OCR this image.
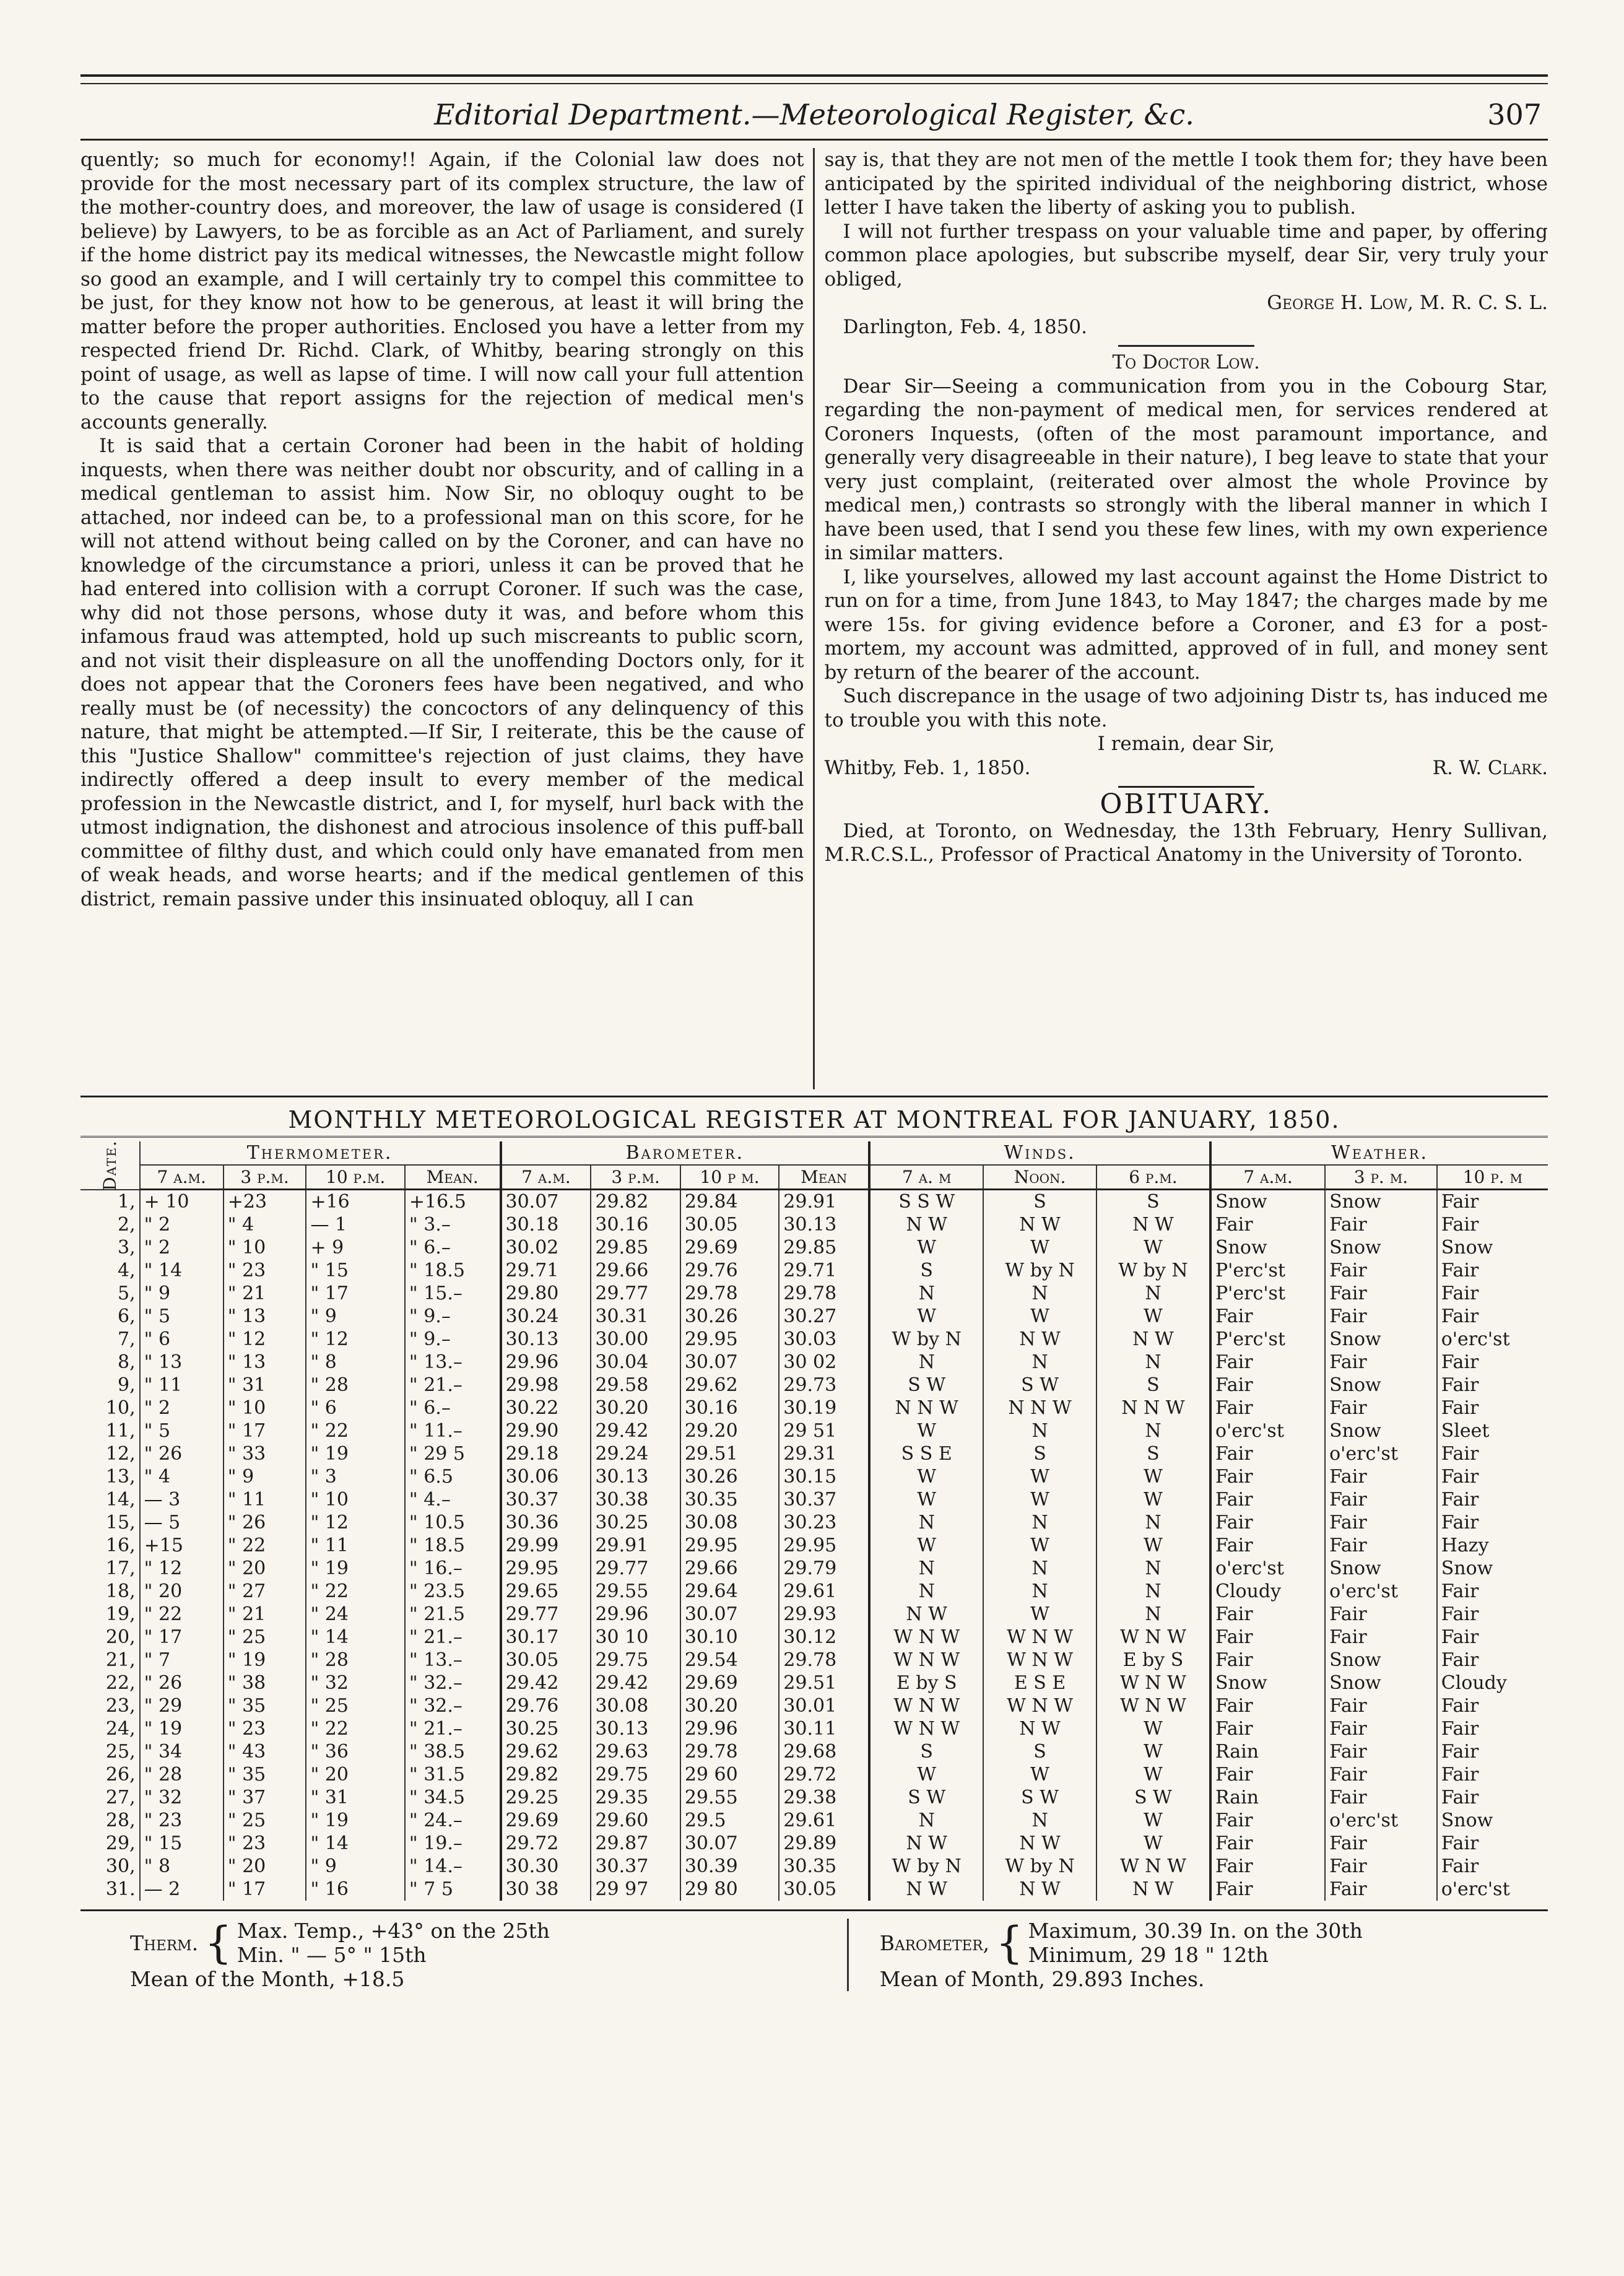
Editorial Department.—Meteorological Register, &c.	307

quently; so much for economy!! Again, if the Colonial law does not provide for the most necessary part of its complex structure, the law of the mother-country does, and moreover, the law of usage is considered (I believe) by Lawyers, to be as forcible as an Act of Parliament, and surely if the home district pay its medical witnesses, the Newcastle might follow so good an example, and I will certainly try to compel this committee to be just, for they know not how to be generous, at least it will bring the matter before the proper authorities. Enclosed you have a letter from my respected friend Dr. Richd. Clark, of Whitby, bearing strongly on this point of usage, as well as lapse of time. I will now call your full attention to the cause that report assigns for the rejection of medical men's accounts generally.

It is said that a certain Coroner had been in the habit of holding inquests, when there was neither doubt nor obscurity, and of calling in a medical gentleman to assist him. Now Sir, no obloquy ought to be attached, nor indeed can be, to a professional man on this score, for he will not attend without being called on by the Coroner, and can have no knowledge of the circumstance a priori, unless it can be proved that he had entered into collision with a corrupt Coroner. If such was the case, why did not those persons, whose duty it was, and before whom this infamous fraud was attempted, hold up such miscreants to public scorn, and not visit their displeasure on all the unoffending Doctors only, for it does not appear that the Coroners fees have been negatived, and who really must be (of necessity) the concoctors of any delinquency of this nature, that might be attempted.—If Sir, I reiterate, this be the cause of this "Justice Shallow" committee's rejection of just claims, they have indirectly offered a deep insult to every member of the medical profession in the Newcastle district, and I, for myself, hurl back with the utmost indignation, the dishonest and atrocious insolence of this puff-ball committee of filthy dust, and which could only have emanated from men of weak heads, and worse hearts; and if the medical gentlemen of this district, remain passive under this insinuated obloquy, all I can

say is, that they are not men of the mettle I took them for; they have been anticipated by the spirited individual of the neighboring district, whose letter I have taken the liberty of asking you to publish.

I will not further trespass on your valuable time and paper, by offering common place apologies, but subscribe myself, dear Sir, very truly your obliged,

George H. Low, M. R. C. S. L.

Darlington, Feb. 4, 1850.

To Doctor Low.

Dear Sir—Seeing a communication from you in the Cobourg Star, regarding the non-payment of medical men, for services rendered at Coroners Inquests, (often of the most paramount importance, and generally very disagreeable in their nature), I beg leave to state that your very just complaint, (reiterated over almost the whole Province by medical men,) contrasts so strongly with the liberal manner in which I have been used, that I send you these few lines, with my own experience in similar matters.

I, like yourselves, allowed my last account against the Home District to run on for a time, from June 1843, to May 1847; the charges made by me were 15s. for giving evidence before a Coroner, and £3 for a post-mortem, my account was admitted, approved of in full, and money sent by return of the bearer of the account.

Such discrepance in the usage of two adjoining Distr ts, has induced me to trouble you with this note.

I remain, dear Sir,

Whitby, Feb. 1, 1850.	R. W. Clark.
OBITUARY.

Died, at Toronto, on Wednesday, the 13th February, Henry Sullivan, M.R.C.S.L., Professor of Practical Anatomy in the University of Toronto.

MONTHLY METEOROLOGICAL REGISTER AT MONTREAL FOR JANUARY, 1850.
Date.	Thermometer.				Barometer.				Winds.			Weather.		
	7 a.m.	3 p.m.	10 p.m.	Mean.	7 a.m.	3 p.m.	10 p m.	Mean	7 a. m	Noon.	6 p.m.	7 a.m.	3 p. m.	10 p. m
1,	+ 10	+23	+16	+16.5	30.07	29.82	29.84	29.91	S S W	S	S	Snow	Snow	Fair
2,	" 2	" 4	— 1	" 3.–	30.18	30.16	30.05	30.13	N W	N W	N W	Fair	Fair	Fair
3,	" 2	" 10	+ 9	" 6.–	30.02	29.85	29.69	29.85	W	W	W	Snow	Snow	Snow
4,	" 14	" 23	" 15	" 18.5	29.71	29.66	29.76	29.71	S	W by N	W by N	P'erc'st	Fair	Fair
5,	" 9	" 21	" 17	" 15.–	29.80	29.77	29.78	29.78	N	N	N	P'erc'st	Fair	Fair
6,	" 5	" 13	" 9	" 9.–	30.24	30.31	30.26	30.27	W	W	W	Fair	Fair	Fair
7,	" 6	" 12	" 12	" 9.–	30.13	30.00	29.95	30.03	W by N	N W	N W	P'erc'st	Snow	o'erc'st
8,	" 13	" 13	" 8	" 13.–	29.96	30.04	30.07	30 02	N	N	N	Fair	Fair	Fair
9,	" 11	" 31	" 28	" 21.–	29.98	29.58	29.62	29.73	S W	S W	S	Fair	Snow	Fair
10,	" 2	" 10	" 6	" 6.–	30.22	30.20	30.16	30.19	N N W	N N W	N N W	Fair	Fair	Fair
11,	" 5	" 17	" 22	" 11.–	29.90	29.42	29.20	29 51	W	N	N	o'erc'st	Snow	Sleet
12,	" 26	" 33	" 19	" 29 5	29.18	29.24	29.51	29.31	S S E	S	S	Fair	o'erc'st	Fair
13,	" 4	" 9	" 3	" 6.5	30.06	30.13	30.26	30.15	W	W	W	Fair	Fair	Fair
14,	— 3	" 11	" 10	" 4.–	30.37	30.38	30.35	30.37	W	W	W	Fair	Fair	Fair
15,	— 5	" 26	" 12	" 10.5	30.36	30.25	30.08	30.23	N	N	N	Fair	Fair	Fair
16,	+15	" 22	" 11	" 18.5	29.99	29.91	29.95	29.95	W	W	W	Fair	Fair	Hazy
17,	" 12	" 20	" 19	" 16.–	29.95	29.77	29.66	29.79	N	N	N	o'erc'st	Snow	Snow
18,	" 20	" 27	" 22	" 23.5	29.65	29.55	29.64	29.61	N	N	N	Cloudy	o'erc'st	Fair
19,	" 22	" 21	" 24	" 21.5	29.77	29.96	30.07	29.93	N W	W	N	Fair	Fair	Fair
20,	" 17	" 25	" 14	" 21.–	30.17	30 10	30.10	30.12	W N W	W N W	W N W	Fair	Fair	Fair
21,	" 7	" 19	" 28	" 13.–	30.05	29.75	29.54	29.78	W N W	W N W	E by S	Fair	Snow	Fair
22,	" 26	" 38	" 32	" 32.–	29.42	29.42	29.69	29.51	E by S	E S E	W N W	Snow	Snow	Cloudy
23,	" 29	" 35	" 25	" 32.–	29.76	30.08	30.20	30.01	W N W	W N W	W N W	Fair	Fair	Fair
24,	" 19	" 23	" 22	" 21.–	30.25	30.13	29.96	30.11	W N W	N W	W	Fair	Fair	Fair
25,	" 34	" 43	" 36	" 38.5	29.62	29.63	29.78	29.68	S	S	W	Rain	Fair	Fair
26,	" 28	" 35	" 20	" 31.5	29.82	29.75	29 60	29.72	W	W	W	Fair	Fair	Fair
27,	" 32	" 37	" 31	" 34.5	29.25	29.35	29.55	29.38	S W	S W	S W	Rain	Fair	Fair
28,	" 23	" 25	" 19	" 24.–	29.69	29.60	29.5	29.61	N	N	W	Fair	o'erc'st	Snow
29,	" 15	" 23	" 14	" 19.–	29.72	29.87	30.07	29.89	N W	N W	W	Fair	Fair	Fair
30,	" 8	" 20	" 9	" 14.–	30.30	30.37	30.39	30.35	W by N	W by N	W N W	Fair	Fair	Fair
31.	— 2	" 17	" 16	" 7 5	30 38	29 97	29 80	30.05	N W	N W	N W	Fair	Fair	o'erc'st
Therm. { Max. Temp., +43° on the 25th
Min. " — 5° " 15th
Mean of the Month, +18.5
Barometer, { Maximum, 30.39 In. on the 30th
Minimum, 29 18 " 12th
Mean of Month, 29.893 Inches.
